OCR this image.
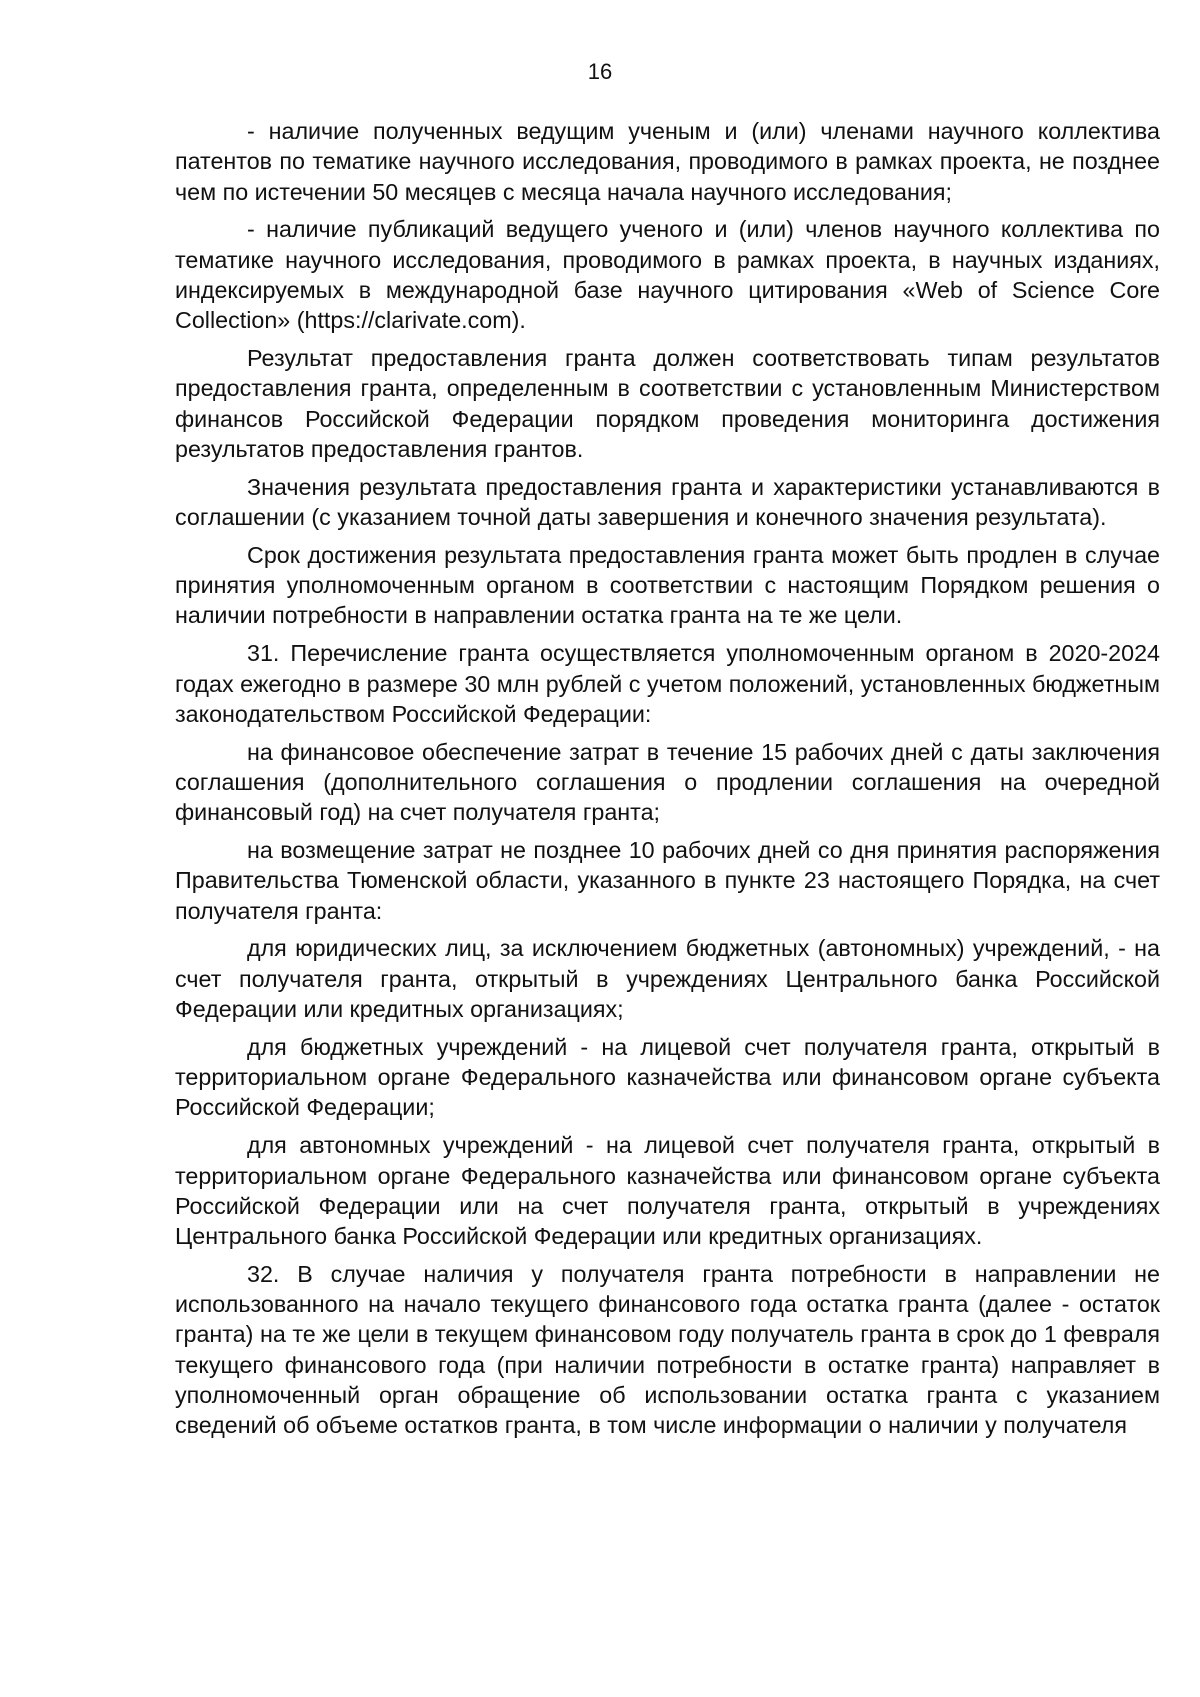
16

- наличие полученных ведущим ученым и (или) членами научного коллектива патентов по тематике научного исследования, проводимого в рамках проекта, не позднее чем по истечении 50 месяцев с месяца начала научного исследования;

- наличие публикаций ведущего ученого и (или) членов научного коллектива по тематике научного исследования, проводимого в рамках проекта, в научных изданиях, индексируемых в международной базе научного цитирования «Web of Science Core Collection» (https://clarivate.com).

Результат предоставления гранта должен соответствовать типам результатов предоставления гранта, определенным в соответствии с установленным Министерством финансов Российской Федерации порядком проведения мониторинга достижения результатов предоставления грантов.

Значения результата предоставления гранта и характеристики устанавливаются в соглашении (с указанием точной даты завершения и конечного значения результата).

Срок достижения результата предоставления гранта может быть продлен в случае принятия уполномоченным органом в соответствии с настоящим Порядком решения о наличии потребности в направлении остатка гранта на те же цели.

31. Перечисление гранта осуществляется уполномоченным органом в 2020-2024 годах ежегодно в размере 30 млн рублей с учетом положений, установленных бюджетным законодательством Российской Федерации:

на финансовое обеспечение затрат в течение 15 рабочих дней с даты заключения соглашения (дополнительного соглашения о продлении соглашения на очередной финансовый год) на счет получателя гранта;

на возмещение затрат не позднее 10 рабочих дней со дня принятия распоряжения Правительства Тюменской области, указанного в пункте 23 настоящего Порядка, на счет получателя гранта:

для юридических лиц, за исключением бюджетных (автономных) учреждений, - на счет получателя гранта, открытый в учреждениях Центрального банка Российской Федерации или кредитных организациях;

для бюджетных учреждений - на лицевой счет получателя гранта, открытый в территориальном органе Федерального казначейства или финансовом органе субъекта Российской Федерации;

для автономных учреждений - на лицевой счет получателя гранта, открытый в территориальном органе Федерального казначейства или финансовом органе субъекта Российской Федерации или на счет получателя гранта, открытый в учреждениях Центрального банка Российской Федерации или кредитных организациях.

32. В случае наличия у получателя гранта потребности в направлении не использованного на начало текущего финансового года остатка гранта (далее - остаток гранта) на те же цели в текущем финансовом году получатель гранта в срок до 1 февраля текущего финансового года (при наличии потребности в остатке гранта) направляет в уполномоченный орган обращение об использовании остатка гранта с указанием сведений об объеме остатков гранта, в том числе информации о наличии у получателя
